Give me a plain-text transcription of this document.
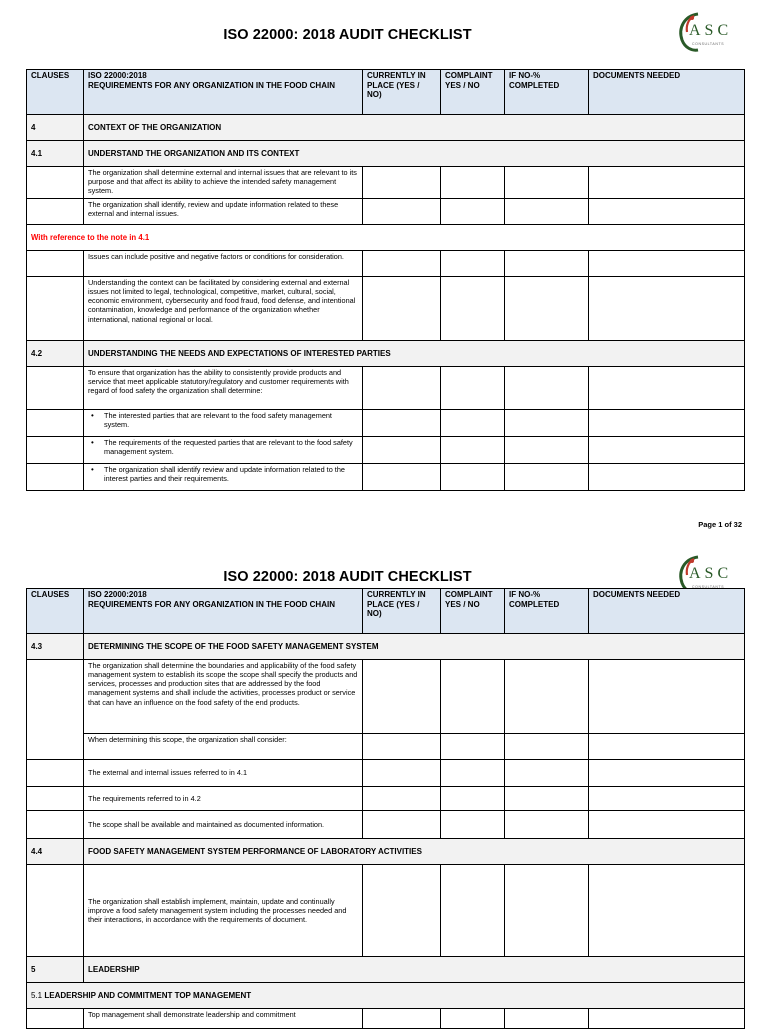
ISO 22000: 2018 AUDIT CHECKLIST	ASC
CONSULTANTS
CLAUSES	ISO 22000:2018
REQUIREMENTS FOR ANY ORGANIZATION IN THE FOOD CHAIN	CURRENTLY IN PLACE (YES / NO)	COMPLAINT YES / NO	IF NO-% COMPLETED	DOCUMENTS NEEDED
4	CONTEXT OF THE ORGANIZATION				
4.1	UNDERSTAND THE ORGANIZATION AND ITS CONTEXT				
	The organization shall determine external and internal issues that are relevant to its purpose and that affect its ability to achieve the intended safety management system.				
	The organization shall identify, review and update information related to these external and internal issues.				
With reference to the note in 4.1					
	Issues can include positive and negative factors or conditions for consideration.				
	Understanding the context can be facilitated by considering external and external issues not limited to legal, technological, competitive, market, cultural, social, economic environment, cybersecurity and food fraud, food defense, and intentional contamination, knowledge and performance of the organization whether international, national regional or local.				
4.2	UNDERSTANDING THE NEEDS AND EXPECTATIONS OF INTERESTED PARTIES				
	To ensure that organization has the ability to consistently provide products and service that meet applicable statutory/regulatory and customer requirements with regard of food safety the organization shall determine:				

	• The interested parties that are relevant to the food safety management system.				

	• The requirements of the requested parties that are relevant to the food safety management system.				

	• The organization shall identify review and update information related to the interest parties and their requirements.				
Page 1 of 32
ISO 22000: 2018 AUDIT CHECKLIST	ASC
CONSULTANTS
CLAUSES	ISO 22000:2018
REQUIREMENTS FOR ANY ORGANIZATION IN THE FOOD CHAIN	CURRENTLY IN PLACE (YES / NO)	COMPLAINT YES / NO	IF NO-% COMPLETED	DOCUMENTS NEEDED
4.3	DETERMINING THE SCOPE OF THE FOOD SAFETY MANAGEMENT SYSTEM				
	The organization shall determine the boundaries and applicability of the food safety management system to establish its scope the scope shall specify the products and services, processes and production sites that are addressed by the food management systems and shall include the activities, processes product or service that can have an influence on the food safety of the end products.				
	When determining this scope, the organization shall consider:				
	The external and internal issues referred to in 4.1				
	The requirements referred to in 4.2				
	The scope shall be available and maintained as documented information.				
4.4	FOOD SAFETY MANAGEMENT SYSTEM PERFORMANCE OF LABORATORY ACTIVITIES				
	The organization shall establish implement, maintain, update and continually improve a food safety management system including the processes needed and their interactions, in accordance with the requirements of document.				
5	LEADERSHIP				
5.1 LEADERSHIP AND COMMITMENT TOP MANAGEMENT					
	Top management shall demonstrate leadership and commitment				
